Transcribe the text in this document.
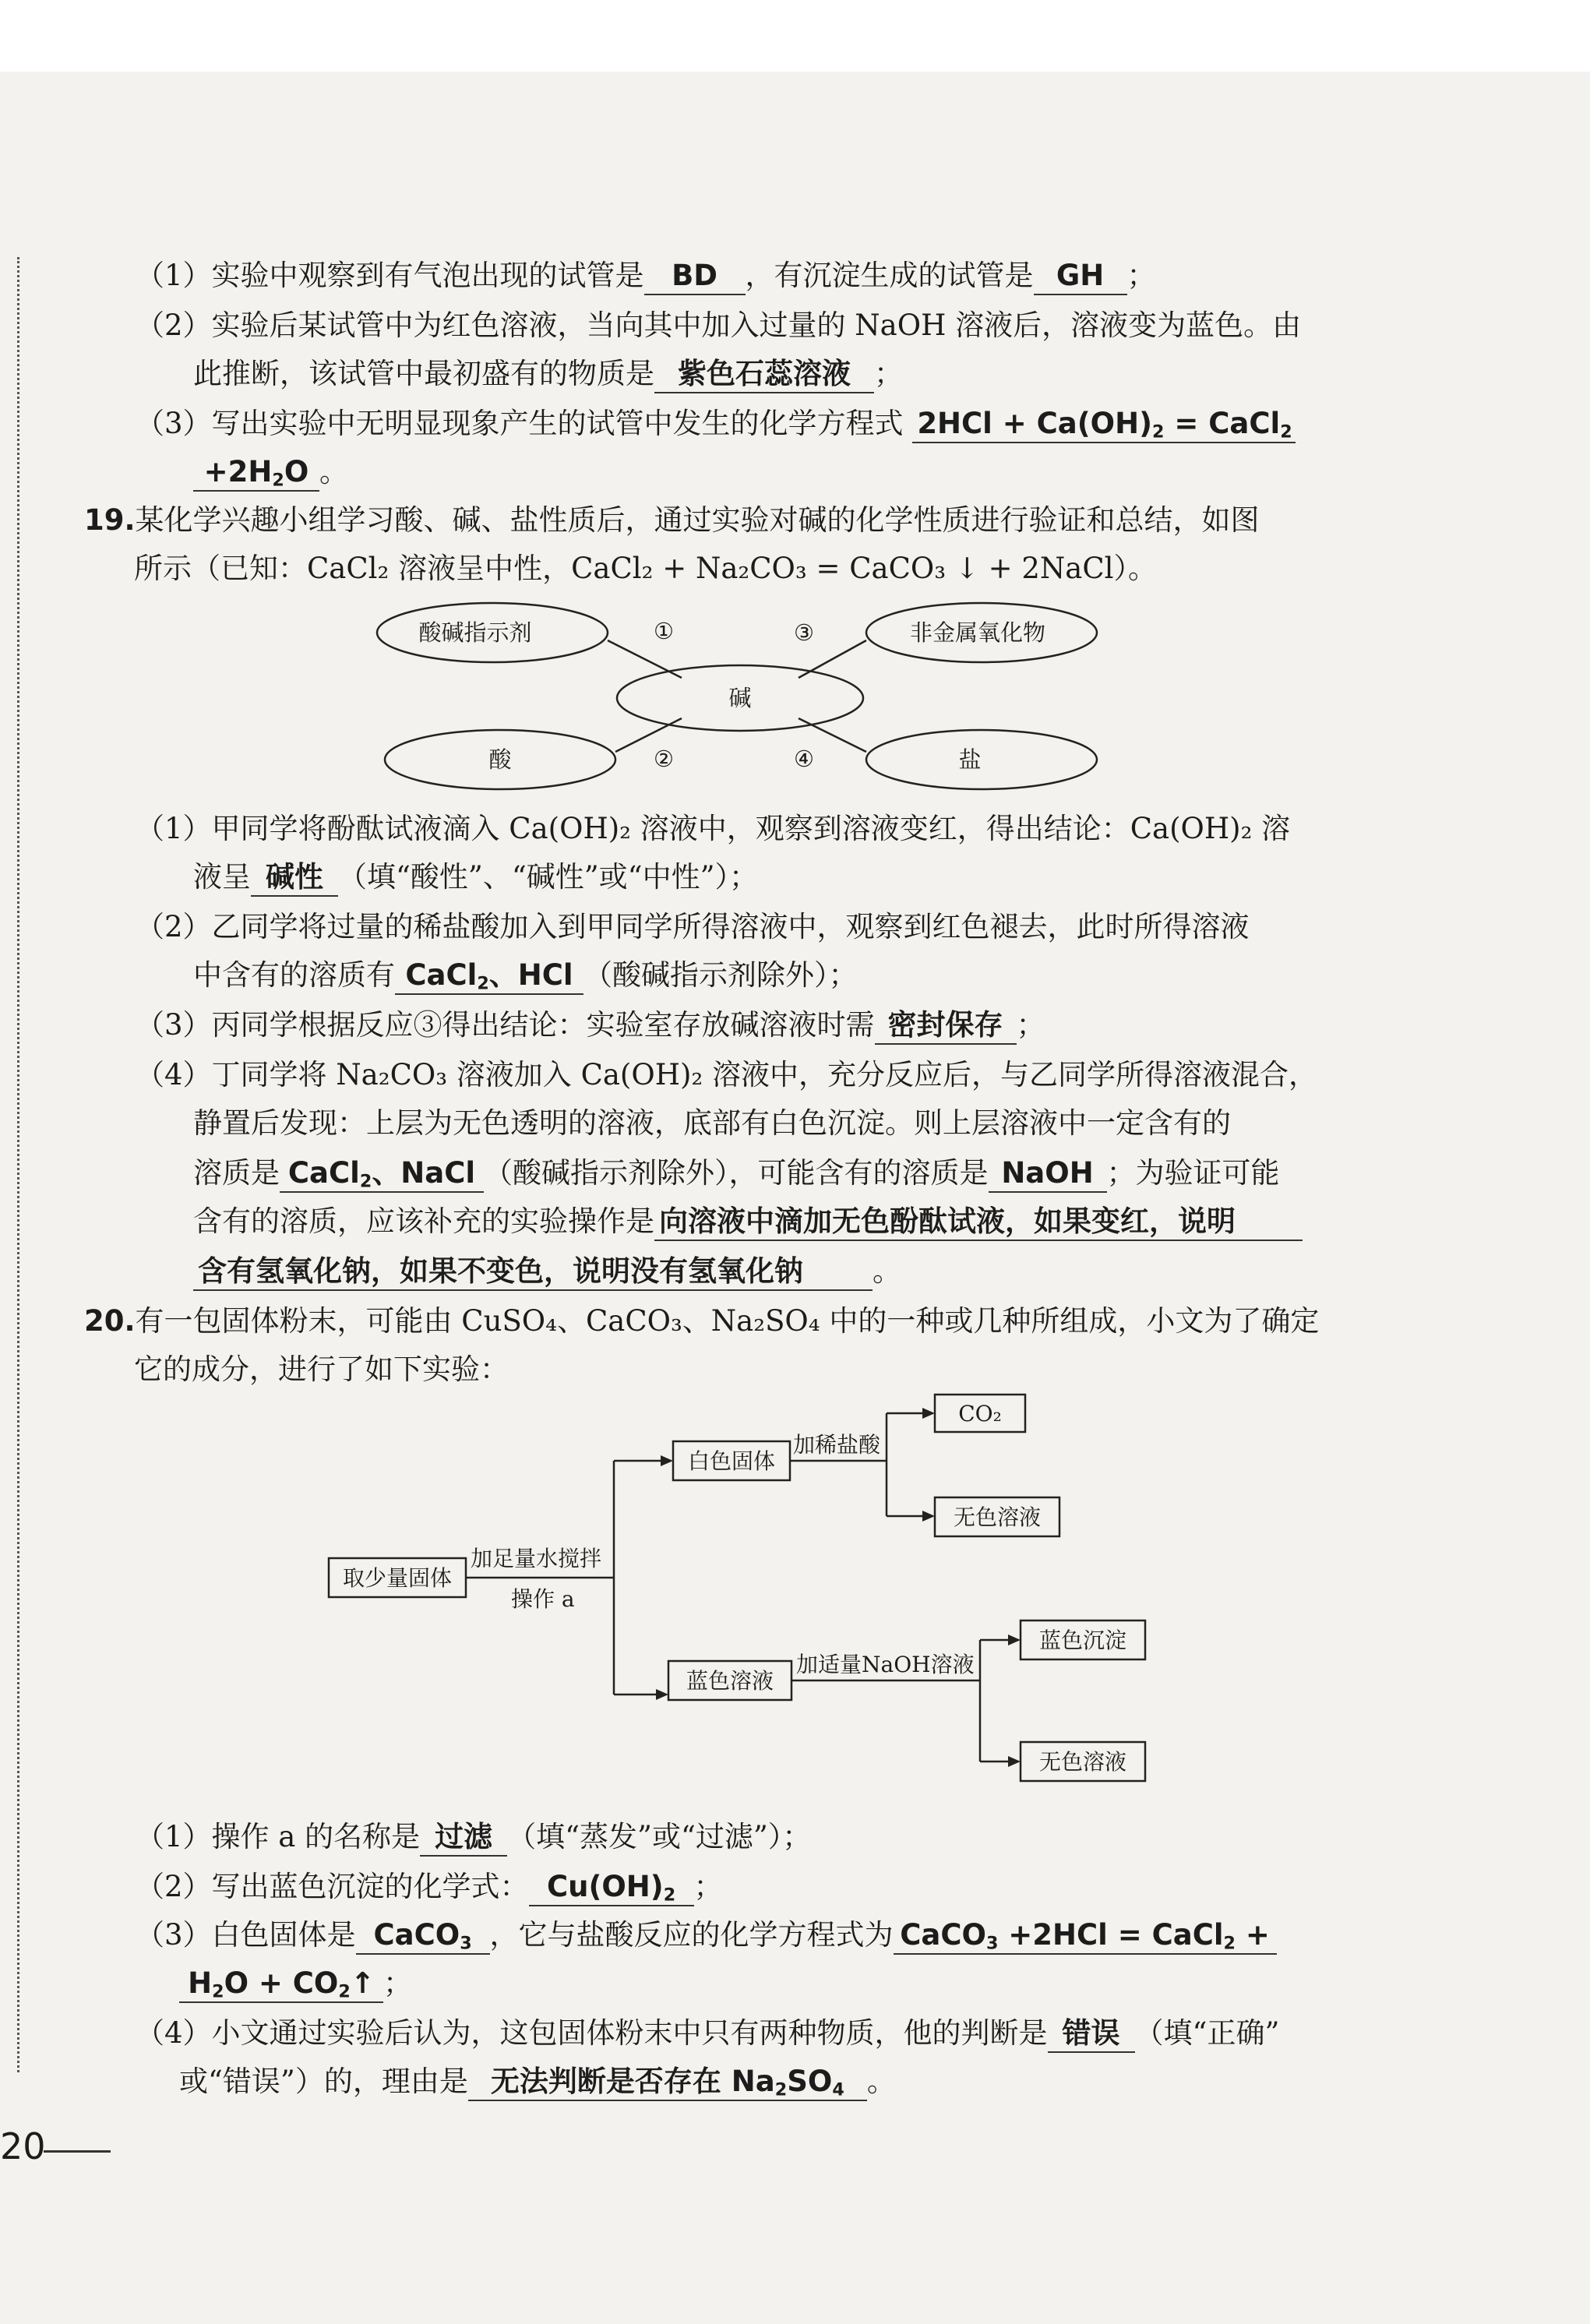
（1）实验中观察到有气泡出现的试管是 BD ，有沉淀生成的试管是 GH ；
（2）实验后某试管中为红色溶液，当向其中加入过量的 NaOH 溶液后，溶液变为蓝色。由
此推断，该试管中最初盛有的物质是 紫色石蕊溶液 ；
（3）写出实验中无明显现象产生的试管中发生的化学方程式 $2HCl + Ca(OH)_2$ = CaCl$_2$
$+2H_2O$ 。
19.某化学兴趣小组学习酸、碱、盐性质后，通过实验对碱的化学性质进行验证和总结，如图
所示（已知：CaCl₂ 溶液呈中性，CaCl₂ + Na₂CO₃ = CaCO₃ ↓ + 2NaCl）。
酸碱指示剂	非金属氧化物
碱
酸	盐
①
②
③
④
（1）甲同学将酚酞试液滴入 Ca(OH)₂ 溶液中，观察到溶液变红，得出结论：Ca(OH)₂ 溶
液呈 碱性 （填“酸性”、“碱性”或“中性”）；
（2）乙同学将过量的稀盐酸加入到甲同学所得溶液中，观察到红色褪去，此时所得溶液
中含有的溶质有 CaCl$_2$、HCl （酸碱指示剂除外）；
（3）丙同学根据反应③得出结论：实验室存放碱溶液时需 密封保存 ；
（4）丁同学将 Na₂CO₃ 溶液加入 Ca(OH)₂ 溶液中，充分反应后，与乙同学所得溶液混合，
静置后发现：上层为无色透明的溶液，底部有白色沉淀。则上层溶液中一定含有的
溶质是 CaCl$_2$、NaCl （酸碱指示剂除外），可能含有的溶质是 NaOH ；为验证可能
含有的溶质，应该补充的实验操作是 向溶液中滴加无色酚酞试液，如果变红，说明
含有氢氧化钠，如果不变色，说明没有氢氧化钠 。
20.有一包固体粉末，可能由 CuSO₄、CaCO₃、Na₂SO₄ 中的一种或几种所组成，小文为了确定
它的成分，进行了如下实验：
取少量固体
加足量水搅拌
操作 a
白色固体
加稀盐酸
CO₂
无色溶液
蓝色溶液
加适量NaOH溶液
蓝色沉淀
无色溶液
（1）操作 a 的名称是 过滤 （填“蒸发”或“过滤”）；
（2）写出蓝色沉淀的化学式： $Cu(OH)_2$ ；
（3）白色固体是 CaCO$_3$ ，它与盐酸反应的化学方程式为 CaCO$_3$ +2HCl = CaCl$_2$ +
$H_2O$ + $CO_2↑$ ；
（4）小文通过实验后认为，这包固体粉末中只有两种物质，他的判断是 错误 （填“正确”
或“错误”）的，理由是 无法判断是否存在 $Na_2SO_4$ 。
20
